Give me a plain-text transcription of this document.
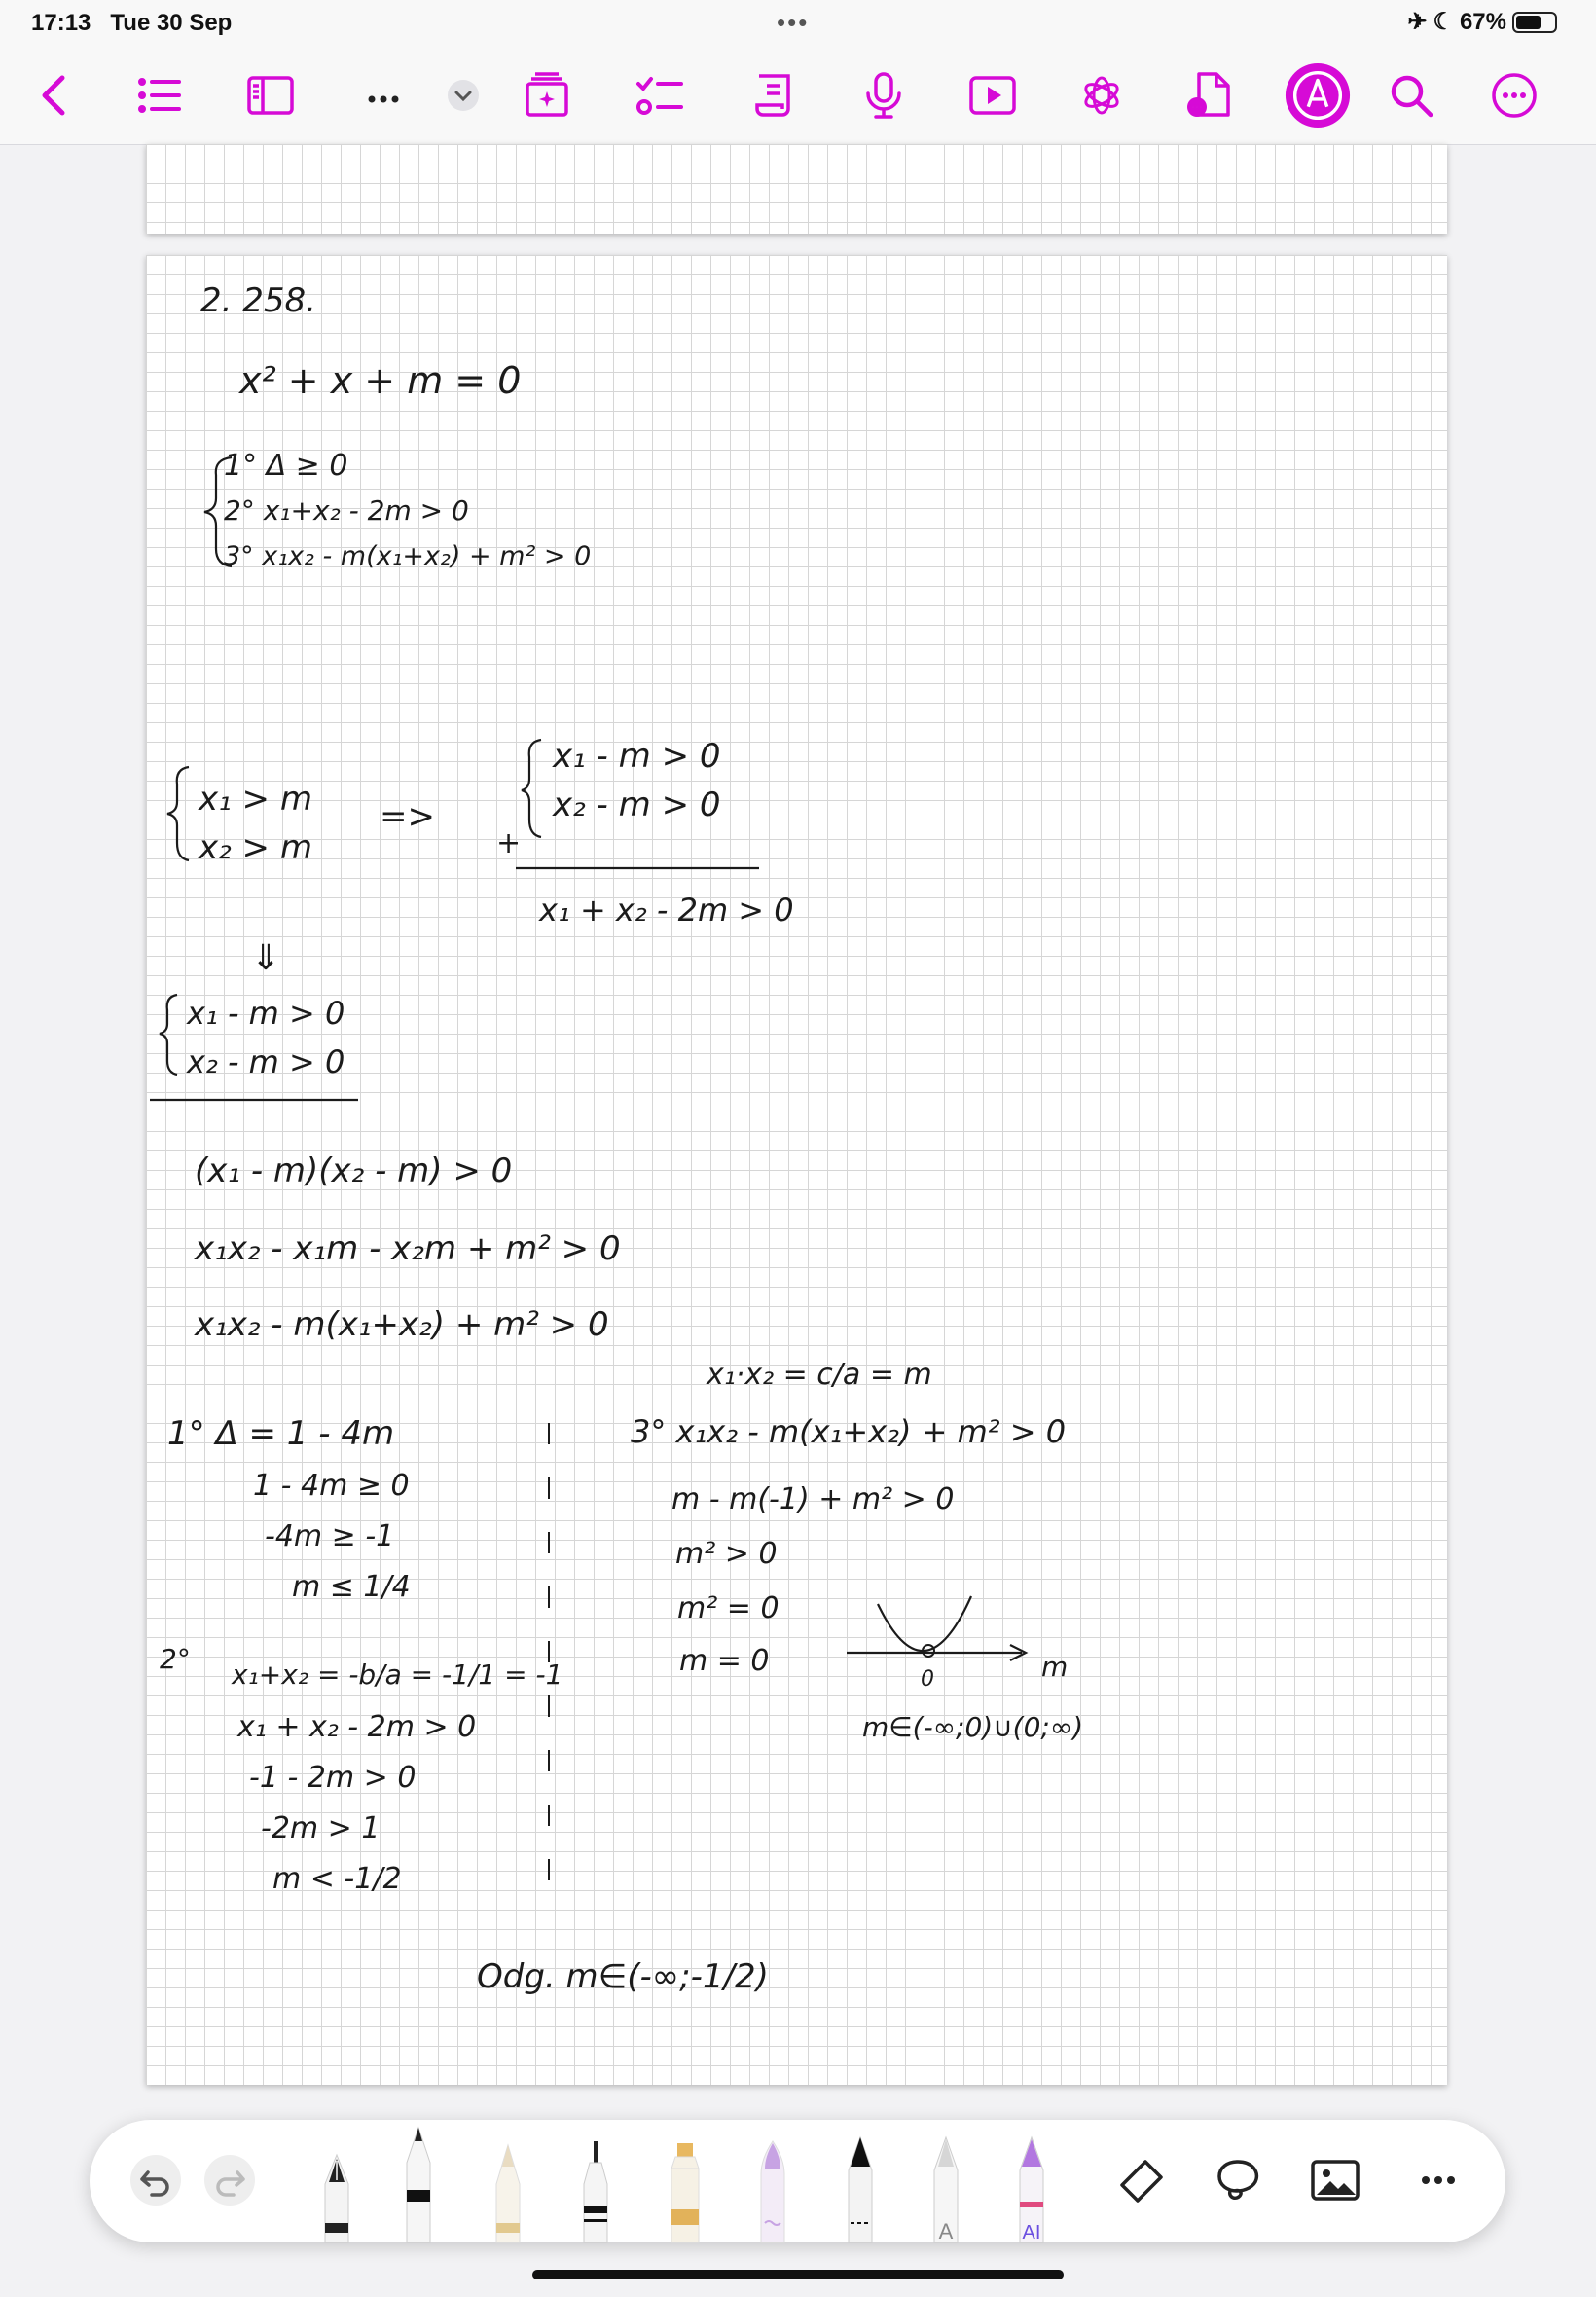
17:13 Tue 30 Sep	•••	✈ ☾ 67%
2. 258.
x² + x + m = 0
1° Δ ≥ 0
2° x₁+x₂ - 2m > 0
3° x₁x₂ - m(x₁+x₂) + m² > 0
x₁ > m
x₂ > m
=>
x₁ - m > 0
x₂ - m > 0
+
x₁ + x₂ - 2m > 0
⇓
x₁ - m > 0
x₂ - m > 0
(x₁ - m)(x₂ - m) > 0
x₁x₂ - x₁m - x₂m + m² > 0
x₁x₂ - m(x₁+x₂) + m² > 0
1° Δ = 1 - 4m
1 - 4m ≥ 0
-4m ≥ -1
m ≤ 1/4
2° x₁+x₂ = -b/a = -1/1 = -1
x₁ + x₂ - 2m > 0
-1 - 2m > 0
-2m > 1
m < -1/2
x₁·x₂ = c/a = m
3° x₁x₂ - m(x₁+x₂) + m² > 0
m - m(-1) + m² > 0
m² > 0
m² = 0
m = 0
0	m
m∈(-∞;0)∪(0;∞)
Odg. m∈(-∞;-1/2)
A	AI
